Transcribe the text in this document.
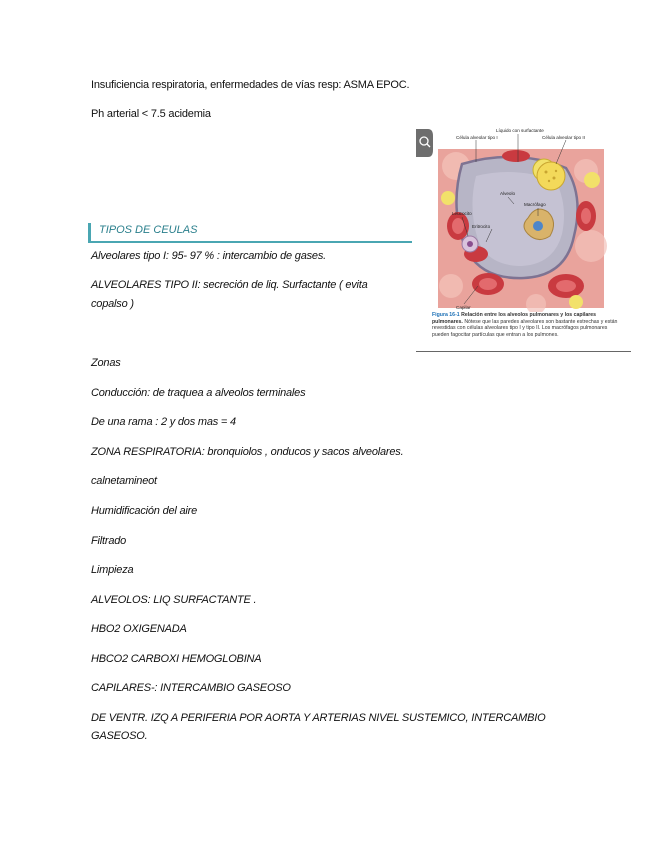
Insuficiencia respiratoria, enfermedades de vías resp: ASMA EPOC.
Ph arterial < 7.5 acidemia
TIPOS DE CEULAS
Alveolares tipo I: 95- 97 % : intercambio de gases.
ALVEOLARES TIPO II: secreción de liq. Surfactante ( evita copalso )
Zonas
Conducción: de traquea a alveolos terminales
De una rama : 2 y dos mas = 4
ZONA RESPIRATORIA: bronquiolos , onducos y sacos alveolares.
calnetamineot
Humidificación del aire
Filtrado
Limpieza
ALVEOLOS: LIQ SURFACTANTE .
HBO2 OXIGENADA
HBCO2 CARBOXI HEMOGLOBINA
CAPILARES-: INTERCAMBIO GASEOSO
DE VENTR. IZQ A PERIFERIA POR AORTA Y ARTERIAS NIVEL SUSTEMICO, INTERCAMBIO GASEOSO.
Líquido con surfactante
Célula alveolar tipo I	Célula alveolar tipo II
Alveolo
Macrófago
Leucocito
Eritrocito
Capilar
Figura 16-1 Relación entre los alveolos pulmonares y los capilares pulmonares. Nótese que las paredes alveolares son bastante estrechas y están revestidas con células alveolares tipo I y tipo II. Los macrófagos pulmonares pueden fagocitar partículas que entran a los pulmones.
